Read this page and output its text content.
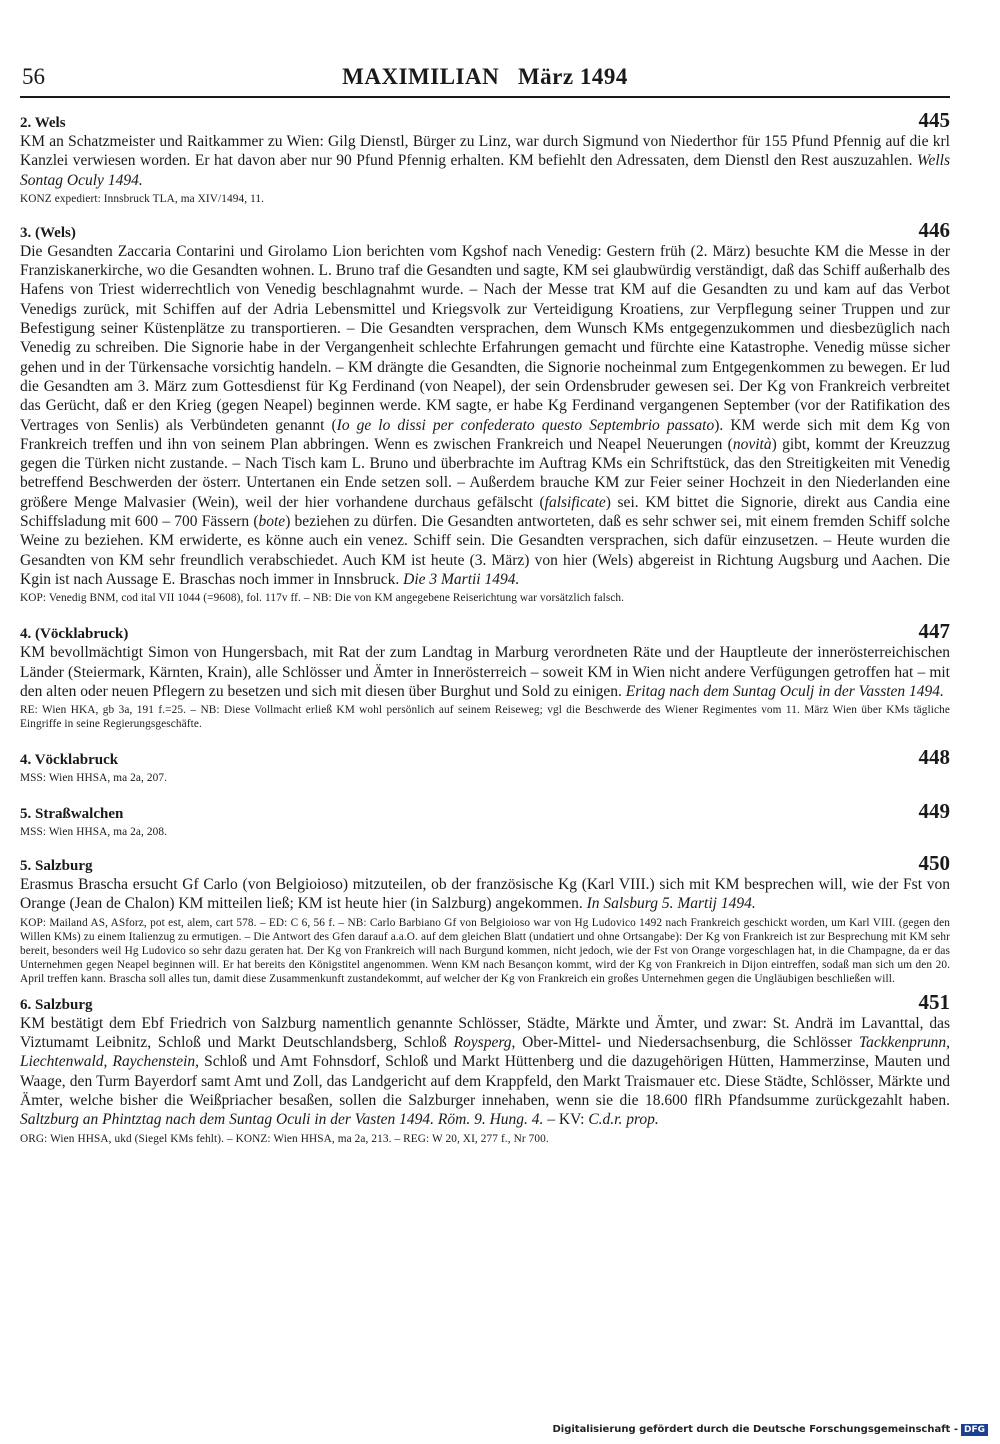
56	MAXIMILIAN   März 1494
2. Wels	445

KM an Schatzmeister und Raitkammer zu Wien: Gilg Dienstl, Bürger zu Linz, war durch Sigmund von Niederthor für 155 Pfund Pfennig auf die krl Kanzlei verwiesen worden. Er hat davon aber nur 90 Pfund Pfennig erhalten. KM befiehlt den Adressaten, dem Dienstl den Rest auszuzahlen. Wells Sontag Oculy 1494.

KONZ expediert: Innsbruck TLA, ma XIV/1494, 11.

3. (Wels)	446

Die Gesandten Zaccaria Contarini und Girolamo Lion berichten vom Kgshof nach Venedig: Gestern früh (2. März) besuchte KM die Messe in der Franziskanerkirche, wo die Gesandten wohnen. L. Bruno traf die Gesandten und sagte, KM sei glaubwürdig verständigt, daß das Schiff außerhalb des Hafens von Triest widerrechtlich von Venedig beschlagnahmt wurde. – Nach der Messe trat KM auf die Gesandten zu und kam auf das Verbot Venedigs zurück, mit Schiffen auf der Adria Lebensmittel und Kriegsvolk zur Verteidigung Kroatiens, zur Verpflegung seiner Truppen und zur Befestigung seiner Küstenplätze zu transportieren. – Die Gesandten versprachen, dem Wunsch KMs entgegenzukommen und diesbezüglich nach Venedig zu schreiben. Die Signorie habe in der Vergangenheit schlechte Erfahrungen gemacht und fürchte eine Katastrophe. Venedig müsse sicher gehen und in der Türkensache vorsichtig handeln. – KM drängte die Gesandten, die Signorie nocheinmal zum Entgegenkommen zu bewegen. Er lud die Gesandten am 3. März zum Gottesdienst für Kg Ferdinand (von Neapel), der sein Ordensbruder gewesen sei. Der Kg von Frankreich verbreitet das Gerücht, daß er den Krieg (gegen Neapel) beginnen werde. KM sagte, er habe Kg Ferdinand vergangenen September (vor der Ratifikation des Vertrages von Senlis) als Verbündeten genannt (Io ge lo dissi per confederato questo Septembrio passato). KM werde sich mit dem Kg von Frankreich treffen und ihn von seinem Plan abbringen. Wenn es zwischen Frankreich und Neapel Neuerungen (novità) gibt, kommt der Kreuzzug gegen die Türken nicht zustande. – Nach Tisch kam L. Bruno und überbrachte im Auftrag KMs ein Schriftstück, das den Streitigkeiten mit Venedig betreffend Beschwerden der österr. Untertanen ein Ende setzen soll. – Außerdem brauche KM zur Feier seiner Hochzeit in den Niederlanden eine größere Menge Malvasier (Wein), weil der hier vorhandene durchaus gefälscht (falsificate) sei. KM bittet die Signorie, direkt aus Candia eine Schiffsladung mit 600 – 700 Fässern (bote) beziehen zu dürfen. Die Gesandten antworteten, daß es sehr schwer sei, mit einem fremden Schiff solche Weine zu beziehen. KM erwiderte, es könne auch ein venez. Schiff sein. Die Gesandten versprachen, sich dafür einzusetzen. – Heute wurden die Gesandten von KM sehr freundlich verabschiedet. Auch KM ist heute (3. März) von hier (Wels) abgereist in Richtung Augsburg und Aachen. Die Kgin ist nach Aussage E. Braschas noch immer in Innsbruck. Die 3 Martii 1494.

KOP: Venedig BNM, cod ital VII 1044 (=9608), fol. 117v ff. – NB: Die von KM angegebene Reiserichtung war vorsätzlich falsch.

4. (Vöcklabruck)	447

KM bevollmächtigt Simon von Hungersbach, mit Rat der zum Landtag in Marburg verordneten Räte und der Hauptleute der innerösterreichischen Länder (Steiermark, Kärnten, Krain), alle Schlösser und Ämter in Innerösterreich – soweit KM in Wien nicht andere Verfügungen getroffen hat – mit den alten oder neuen Pflegern zu besetzen und sich mit diesen über Burghut und Sold zu einigen. Eritag nach dem Suntag Oculj in der Vassten 1494.

RE: Wien HKA, gb 3a, 191 f.=25. – NB: Diese Vollmacht erließ KM wohl persönlich auf seinem Reiseweg; vgl die Beschwerde des Wiener Regimentes vom 11. März Wien über KMs tägliche Eingriffe in seine Regierungsgeschäfte.

4. Vöcklabruck	448

MSS: Wien HHSA, ma 2a, 207.

5. Straßwalchen	449

MSS: Wien HHSA, ma 2a, 208.

5. Salzburg	450

Erasmus Brascha ersucht Gf Carlo (von Belgioioso) mitzuteilen, ob der französische Kg (Karl VIII.) sich mit KM besprechen will, wie der Fst von Orange (Jean de Chalon) KM mitteilen ließ; KM ist heute hier (in Salzburg) angekommen. In Salsburg 5. Martij 1494.

KOP: Mailand AS, ASforz, pot est, alem, cart 578. – ED: C 6, 56 f. – NB: Carlo Barbiano Gf von Belgioioso war von Hg Ludovico 1492 nach Frankreich geschickt worden, um Karl VIII. (gegen den Willen KMs) zu einem Italienzug zu ermutigen. – Die Antwort des Gfen darauf a.a.O. auf dem gleichen Blatt (undatiert und ohne Ortsangabe): Der Kg von Frankreich ist zur Besprechung mit KM sehr bereit, besonders weil Hg Ludovico so sehr dazu geraten hat. Der Kg von Frankreich will nach Burgund kommen, nicht jedoch, wie der Fst von Orange vorgeschlagen hat, in die Champagne, da er das Unternehmen gegen Neapel beginnen will. Er hat bereits den Königstitel angenommen. Wenn KM nach Besançon kommt, wird der Kg von Frankreich in Dijon eintreffen, sodaß man sich um den 20. April treffen kann. Brascha soll alles tun, damit diese Zusammenkunft zustandekommt, auf welcher der Kg von Frankreich ein großes Unternehmen gegen die Ungläubigen beschließen will.

6. Salzburg	451

KM bestätigt dem Ebf Friedrich von Salzburg namentlich genannte Schlösser, Städte, Märkte und Ämter, und zwar: St. Andrä im Lavanttal, das Viztumamt Leibnitz, Schloß und Markt Deutschlandsberg, Schloß Roysperg, Ober-Mittel- und Niedersachsenburg, die Schlösser Tackkenprunn, Liechtenwald, Raychenstein, Schloß und Amt Fohnsdorf, Schloß und Markt Hüttenberg und die dazugehörigen Hütten, Hammerzinse, Mauten und Waage, den Turm Bayerdorf samt Amt und Zoll, das Landgericht auf dem Krappfeld, den Markt Traismauer etc. Diese Städte, Schlösser, Märkte und Ämter, welche bisher die Weißpriacher besaßen, sollen die Salzburger innehaben, wenn sie die 18.600 flRh Pfandsumme zurückgezahlt haben. Saltzburg an Phintztag nach dem Suntag Oculi in der Vasten 1494. Röm. 9. Hung. 4. – KV: C.d.r. prop.

ORG: Wien HHSA, ukd (Siegel KMs fehlt). – KONZ: Wien HHSA, ma 2a, 213. – REG: W 20, XI, 277 f., Nr 700.

Digitalisierung gefördert durch die Deutsche Forschungsgemeinschaft - DFG
